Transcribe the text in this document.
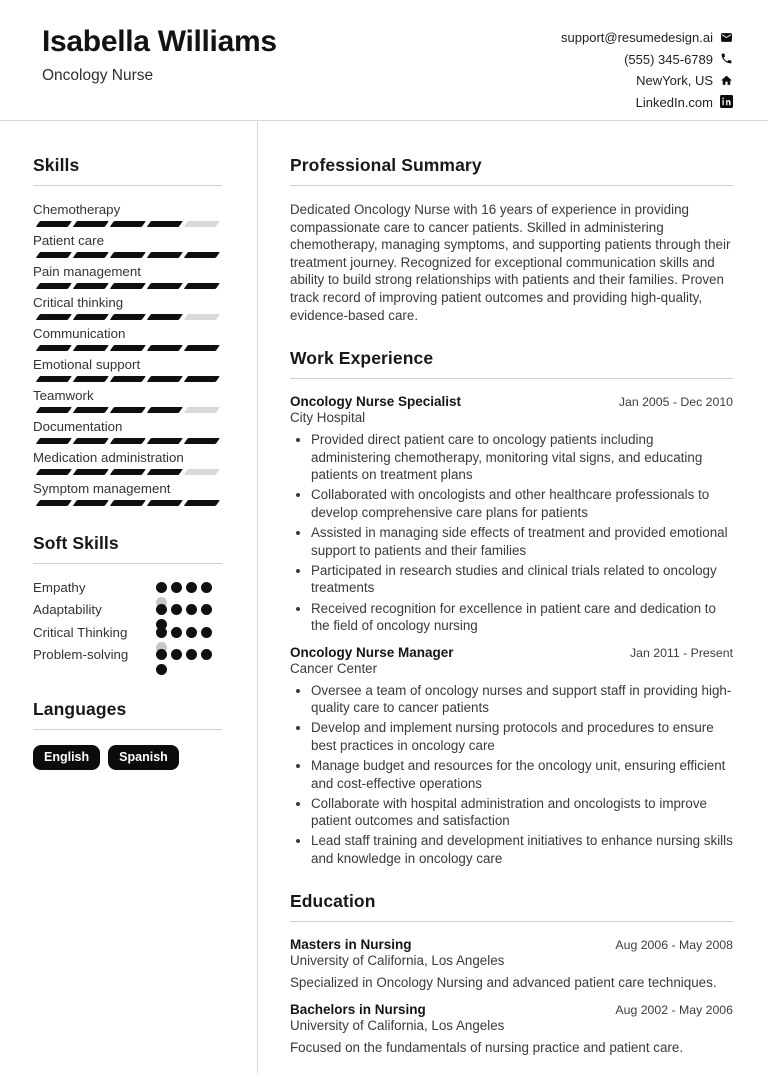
Isabella Williams
Oncology Nurse
support@resumedesign.ai
(555) 345-6789
NewYork, US
LinkedIn.com
Skills
Chemotherapy
Patient care
Pain management
Critical thinking
Communication
Emotional support
Teamwork
Documentation
Medication administration
Symptom management
Soft Skills
Empathy
Adaptability
Critical Thinking
Problem-solving
Languages
English	Spanish
Professional Summary

Dedicated Oncology Nurse with 16 years of experience in providing compassionate care to cancer patients. Skilled in administering chemotherapy, managing symptoms, and supporting patients through their treatment journey. Recognized for exceptional communication skills and ability to build strong relationships with patients and their families. Proven track record of improving patient outcomes and providing high-quality, evidence-based care.

Work Experience
Oncology Nurse Specialist	Jan 2005 - Dec 2010
City Hospital
• Provided direct patient care to oncology patients including administering chemotherapy, monitoring vital signs, and educating patients on treatment plans
• Collaborated with oncologists and other healthcare professionals to develop comprehensive care plans for patients
• Assisted in managing side effects of treatment and provided emotional support to patients and their families
• Participated in research studies and clinical trials related to oncology treatments
• Received recognition for excellence in patient care and dedication to the field of oncology nursing
Oncology Nurse Manager	Jan 2011 - Present
Cancer Center
• Oversee a team of oncology nurses and support staff in providing high-quality care to cancer patients
• Develop and implement nursing protocols and procedures to ensure best practices in oncology care
• Manage budget and resources for the oncology unit, ensuring efficient and cost-effective operations
• Collaborate with hospital administration and oncologists to improve patient outcomes and satisfaction
• Lead staff training and development initiatives to enhance nursing skills and knowledge in oncology care
Education
Masters in Nursing	Aug 2006 - May 2008
University of California, Los Angeles
Specialized in Oncology Nursing and advanced patient care techniques.
Bachelors in Nursing	Aug 2002 - May 2006
University of California, Los Angeles
Focused on the fundamentals of nursing practice and patient care.
